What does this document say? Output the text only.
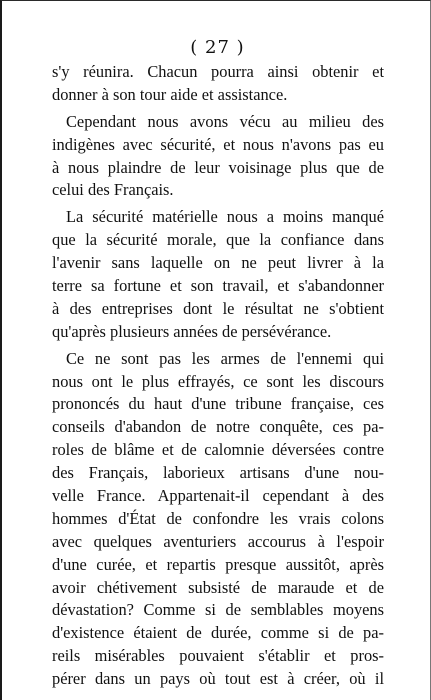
( 27 )
s'y réunira. Chacun pourra ainsi obtenir et
donner à son tour aide et assistance.
Cependant nous avons vécu au milieu des
indigènes avec sécurité, et nous n'avons pas eu
à nous plaindre de leur voisinage plus que de
celui des Français.
La sécurité matérielle nous a moins manqué
que la sécurité morale, que la confiance dans
l'avenir sans laquelle on ne peut livrer à la
terre sa fortune et son travail, et s'abandonner
à des entreprises dont le résultat ne s'obtient
qu'après plusieurs années de persévérance.
Ce ne sont pas les armes de l'ennemi qui
nous ont le plus effrayés, ce sont les discours
prononcés du haut d'une tribune française, ces
conseils d'abandon de notre conquête, ces pa-
roles de blâme et de calomnie déversées contre
des Français, laborieux artisans d'une nou-
velle France. Appartenait-il cependant à des
hommes d'État de confondre les vrais colons
avec quelques aventuriers accourus à l'espoir
d'une curée, et repartis presque aussitôt, après
avoir chétivement subsisté de maraude et de
dévastation? Comme si de semblables moyens
d'existence étaient de durée, comme si de pa-
reils misérables pouvaient s'établir et pros-
pérer dans un pays où tout est à créer, où il
